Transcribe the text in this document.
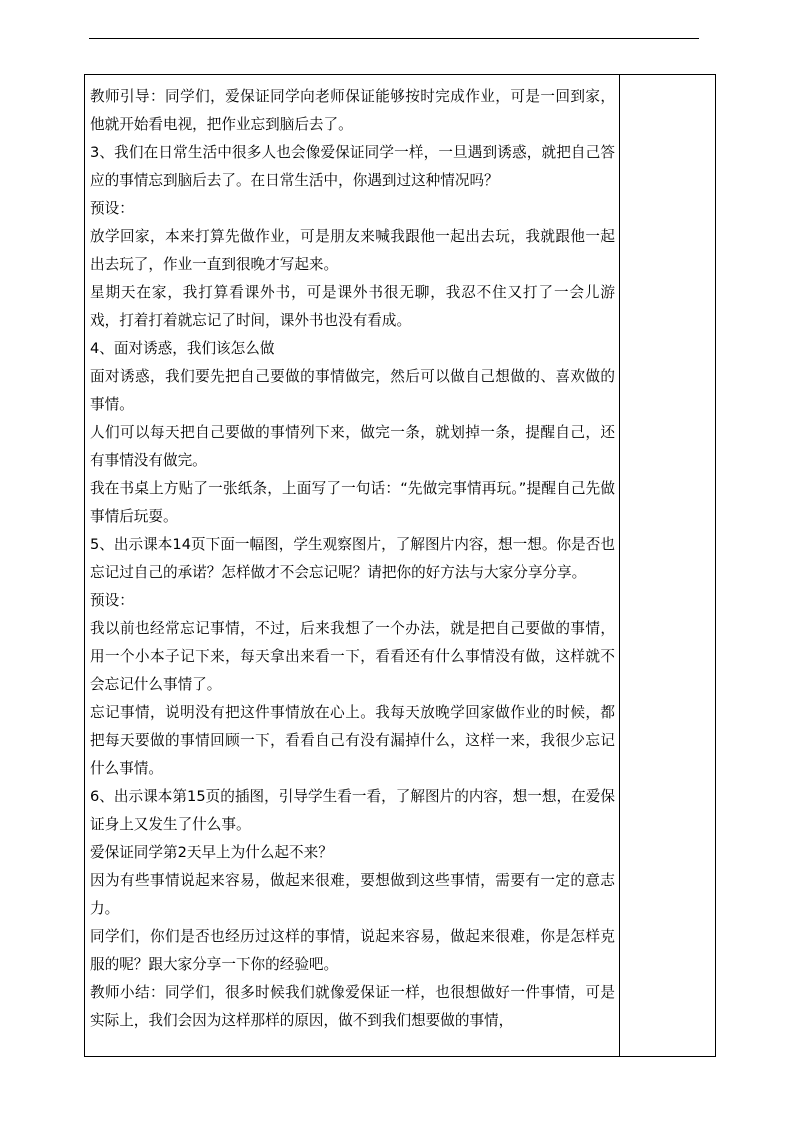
教师引导：同学们，爱保证同学向老师保证能够按时完成作业，可是一回到家，他就开始看电视，把作业忘到脑后去了。

3、我们在日常生活中很多人也会像爱保证同学一样，一旦遇到诱惑，就把自己答应的事情忘到脑后去了。在日常生活中，你遇到过这种情况吗？

预设：

放学回家，本来打算先做作业，可是朋友来喊我跟他一起出去玩，我就跟他一起出去玩了，作业一直到很晚才写起来。

星期天在家，我打算看课外书，可是课外书很无聊，我忍不住又打了一会儿游戏，打着打着就忘记了时间，课外书也没有看成。

4、面对诱惑，我们该怎么做

面对诱惑，我们要先把自己要做的事情做完，然后可以做自己想做的、喜欢做的事情。

人们可以每天把自己要做的事情列下来，做完一条，就划掉一条，提醒自己，还有事情没有做完。

我在书桌上方贴了一张纸条，上面写了一句话：“先做完事情再玩。”提醒自己先做事情后玩耍。

5、出示课本14页下面一幅图，学生观察图片，了解图片内容，想一想。你是否也忘记过自己的承诺？怎样做才不会忘记呢？请把你的好方法与大家分享分享。

预设：

我以前也经常忘记事情，不过，后来我想了一个办法，就是把自己要做的事情，用一个小本子记下来，每天拿出来看一下，看看还有什么事情没有做，这样就不会忘记什么事情了。

忘记事情，说明没有把这件事情放在心上。我每天放晚学回家做作业的时候，都把每天要做的事情回顾一下，看看自己有没有漏掉什么，这样一来，我很少忘记什么事情。

6、出示课本第15页的插图，引导学生看一看，了解图片的内容，想一想，在爱保证身上又发生了什么事。

爱保证同学第2天早上为什么起不来？

因为有些事情说起来容易，做起来很难，要想做到这些事情，需要有一定的意志力。

同学们，你们是否也经历过这样的事情，说起来容易，做起来很难，你是怎样克服的呢？跟大家分享一下你的经验吧。

教师小结：同学们，很多时候我们就像爱保证一样，也很想做好一件事情，可是实际上，我们会因为这样那样的原因，做不到我们想要做的事情，
